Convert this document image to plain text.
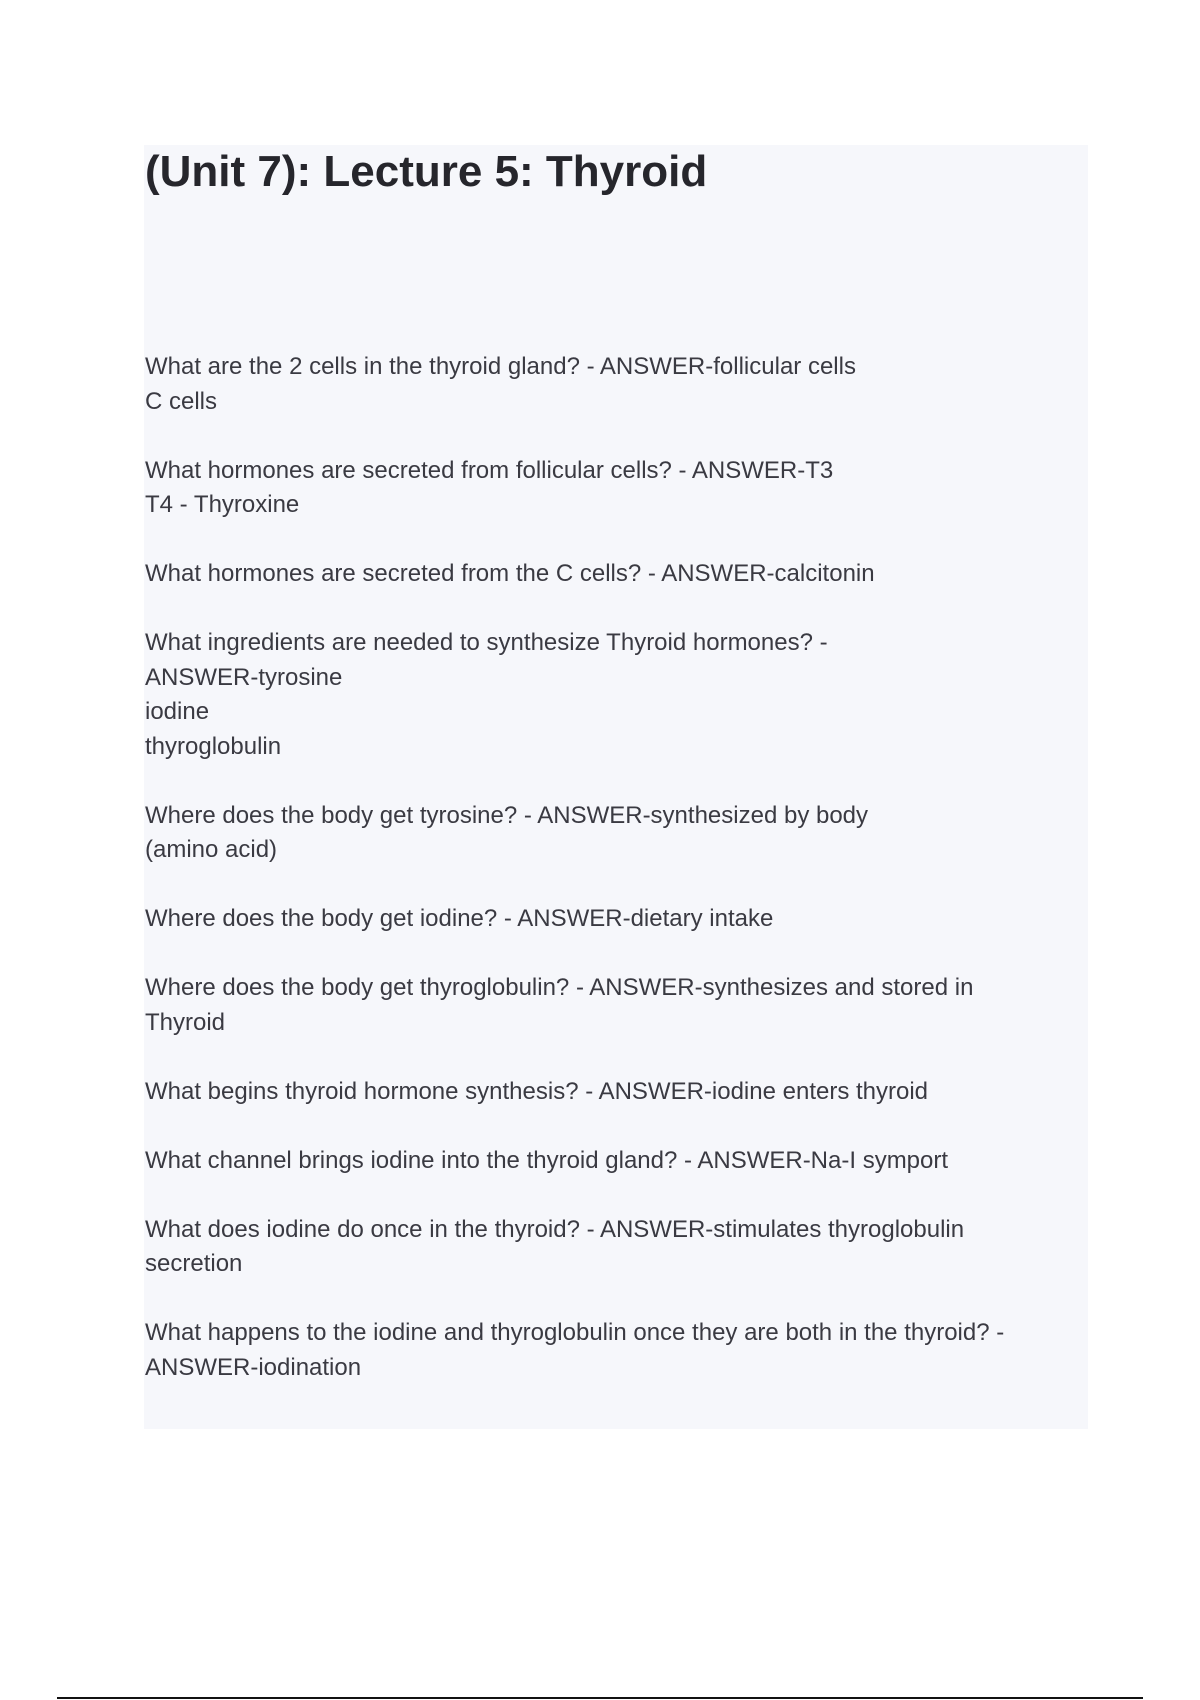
(Unit 7): Lecture 5: Thyroid
What are the 2 cells in the thyroid gland? - ANSWER-follicular cells
C cells
What hormones are secreted from follicular cells? - ANSWER-T3
T4 - Thyroxine
What hormones are secreted from the C cells? - ANSWER-calcitonin
What ingredients are needed to synthesize Thyroid hormones? -
ANSWER-tyrosine
iodine
thyroglobulin
Where does the body get tyrosine? - ANSWER-synthesized by body
(amino acid)
Where does the body get iodine? - ANSWER-dietary intake
Where does the body get thyroglobulin? - ANSWER-synthesizes and stored in
Thyroid
What begins thyroid hormone synthesis? - ANSWER-iodine enters thyroid
What channel brings iodine into the thyroid gland? - ANSWER-Na-I symport
What does iodine do once in the thyroid? - ANSWER-stimulates thyroglobulin
secretion
What happens to the iodine and thyroglobulin once they are both in the thyroid? -
ANSWER-iodination
